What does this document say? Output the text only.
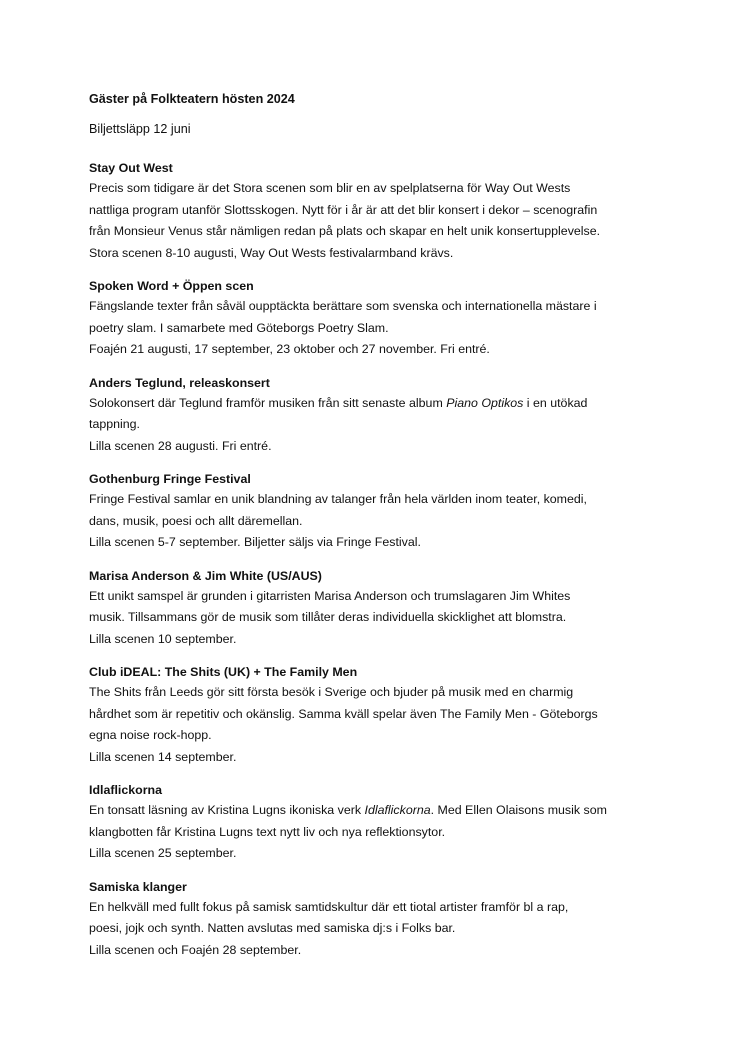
Gäster på Folkteatern hösten 2024
Biljettsläpp 12 juni
Stay Out West
Precis som tidigare är det Stora scenen som blir en av spelplatserna för Way Out Wests
nattliga program utanför Slottsskogen. Nytt för i år är att det blir konsert i dekor – scenografin
från Monsieur Venus står nämligen redan på plats och skapar en helt unik konsertupplevelse.
Stora scenen 8-10 augusti, Way Out Wests festivalarmband krävs.
Spoken Word + Öppen scen
Fängslande texter från såväl oupptäckta berättare som svenska och internationella mästare i
poetry slam. I samarbete med Göteborgs Poetry Slam.
Foajén 21 augusti, 17 september, 23 oktober och 27 november. Fri entré.
Anders Teglund, releaskonsert
Solokonsert där Teglund framför musiken från sitt senaste album Piano Optikos i en utökad
tappning.
Lilla scenen 28 augusti. Fri entré.
Gothenburg Fringe Festival
Fringe Festival samlar en unik blandning av talanger från hela världen inom teater, komedi,
dans, musik, poesi och allt däremellan.
Lilla scenen 5-7 september. Biljetter säljs via Fringe Festival.
Marisa Anderson & Jim White (US/AUS)
Ett unikt samspel är grunden i gitarristen Marisa Anderson och trumslagaren Jim Whites
musik. Tillsammans gör de musik som tillåter deras individuella skicklighet att blomstra.
Lilla scenen 10 september.
Club iDEAL: The Shits (UK) + The Family Men
The Shits från Leeds gör sitt första besök i Sverige och bjuder på musik med en charmig
hårdhet som är repetitiv och okänslig. Samma kväll spelar även The Family Men - Göteborgs
egna noise rock-hopp.
Lilla scenen 14 september.
Idlaflickorna
En tonsatt läsning av Kristina Lugns ikoniska verk Idlaflickorna. Med Ellen Olaisons musik som
klangbotten får Kristina Lugns text nytt liv och nya reflektionsytor.
Lilla scenen 25 september.
Samiska klanger
En helkväll med fullt fokus på samisk samtidskultur där ett tiotal artister framför bl a rap,
poesi, jojk och synth. Natten avslutas med samiska dj:s i Folks bar.
Lilla scenen och Foajén 28 september.
